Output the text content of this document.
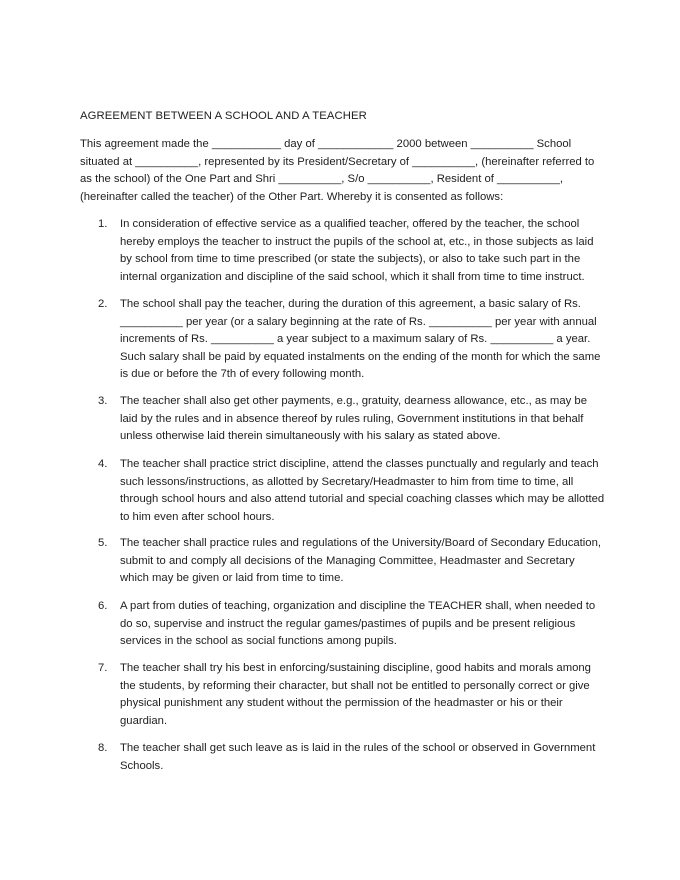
AGREEMENT BETWEEN A SCHOOL AND A TEACHER

This agreement made the ___________ day of ____________ 2000 between __________ School
situated at __________, represented by its President/Secretary of __________, (hereinafter referred to
as the school) of the One Part and Shri __________, S/o __________, Resident of __________,
(hereinafter called the teacher) of the Other Part. Whereby it is consented as follows:

1. In consideration of effective service as a qualified teacher, offered by the teacher, the school
hereby employs the teacher to instruct the pupils of the school at, etc., in those subjects as laid
by school from time to time prescribed (or state the subjects), or also to take such part in the
internal organization and discipline of the said school, which it shall from time to time instruct.
2. The school shall pay the teacher, during the duration of this agreement, a basic salary of Rs.
__________ per year (or a salary beginning at the rate of Rs. __________ per year with annual
increments of Rs. __________ a year subject to a maximum salary of Rs. __________ a year.
Such salary shall be paid by equated instalments on the ending of the month for which the same
is due or before the 7th of every following month.
3. The teacher shall also get other payments, e.g., gratuity, dearness allowance, etc., as may be
laid by the rules and in absence thereof by rules ruling, Government institutions in that behalf
unless otherwise laid therein simultaneously with his salary as stated above.
4. The teacher shall practice strict discipline, attend the classes punctually and regularly and teach
such lessons/instructions, as allotted by Secretary/Headmaster to him from time to time, all
through school hours and also attend tutorial and special coaching classes which may be allotted
to him even after school hours.
5. The teacher shall practice rules and regulations of the University/Board of Secondary Education,
submit to and comply all decisions of the Managing Committee, Headmaster and Secretary
which may be given or laid from time to time.
6. A part from duties of teaching, organization and discipline the TEACHER shall, when needed to
do so, supervise and instruct the regular games/pastimes of pupils and be present religious
services in the school as social functions among pupils.
7. The teacher shall try his best in enforcing/sustaining discipline, good habits and morals among
the students, by reforming their character, but shall not be entitled to personally correct or give
physical punishment any student without the permission of the headmaster or his or their
guardian.
8. The teacher shall get such leave as is laid in the rules of the school or observed in Government
Schools.
